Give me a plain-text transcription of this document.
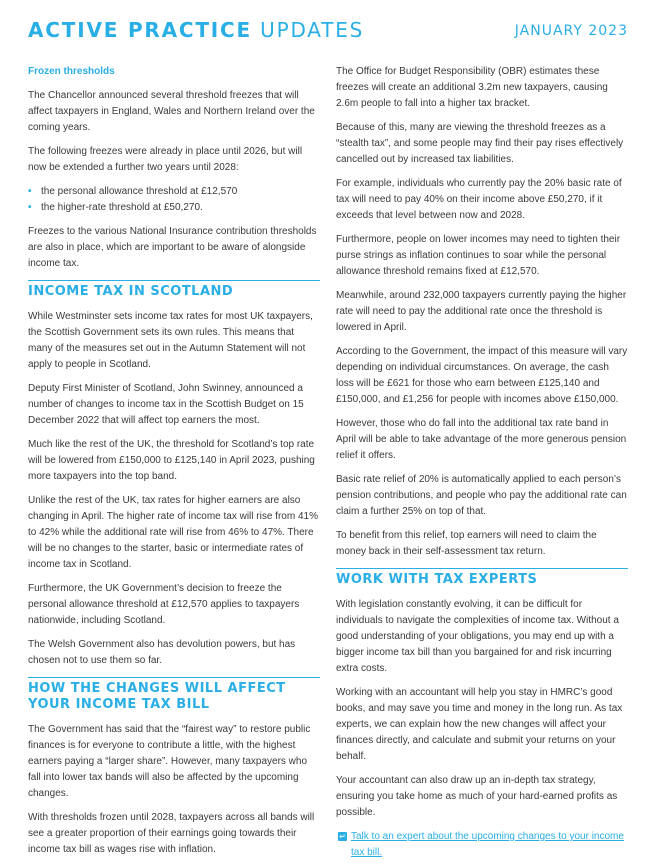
ACTIVE PRACTICE UPDATES	JANUARY 2023
Frozen thresholds

The Chancellor announced several threshold freezes that will affect taxpayers in England, Wales and Northern Ireland over the coming years.

The following freezes were already in place until 2026, but will now be extended a further two years until 2028:

• the personal allowance threshold at £12,570
• the higher-rate threshold at £50,270.

Freezes to the various National Insurance contribution thresholds are also in place, which are important to be aware of alongside income tax.

INCOME TAX IN SCOTLAND

While Westminster sets income tax rates for most UK taxpayers, the Scottish Government sets its own rules. This means that many of the measures set out in the Autumn Statement will not apply to people in Scotland.

Deputy First Minister of Scotland, John Swinney, announced a number of changes to income tax in the Scottish Budget on 15 December 2022 that will affect top earners the most.

Much like the rest of the UK, the threshold for Scotland’s top rate will be lowered from £150,000 to £125,140 in April 2023, pushing more taxpayers into the top band.

Unlike the rest of the UK, tax rates for higher earners are also changing in April. The higher rate of income tax will rise from 41% to 42% while the additional rate will rise from 46% to 47%. There will be no changes to the starter, basic or intermediate rates of income tax in Scotland.

Furthermore, the UK Government’s decision to freeze the personal allowance threshold at £12,570 applies to taxpayers nationwide, including Scotland.

The Welsh Government also has devolution powers, but has chosen not to use them so far.

HOW THE CHANGES WILL AFFECT YOUR INCOME TAX BILL

The Government has said that the “fairest way” to restore public finances is for everyone to contribute a little, with the highest earners paying a “larger share”. However, many taxpayers who fall into lower tax bands will also be affected by the upcoming changes.

With thresholds frozen until 2028, taxpayers across all bands will see a greater proportion of their earnings going towards their income tax bill as wages rise with inflation.

The Office for Budget Responsibility (OBR) estimates these freezes will create an additional 3.2m new taxpayers, causing 2.6m people to fall into a higher tax bracket.

Because of this, many are viewing the threshold freezes as a “stealth tax”, and some people may find their pay rises effectively cancelled out by increased tax liabilities.

For example, individuals who currently pay the 20% basic rate of tax will need to pay 40% on their income above £50,270, if it exceeds that level between now and 2028.

Furthermore, people on lower incomes may need to tighten their purse strings as inflation continues to soar while the personal allowance threshold remains fixed at £12,570.

Meanwhile, around 232,000 taxpayers currently paying the higher rate will need to pay the additional rate once the threshold is lowered in April.

According to the Government, the impact of this measure will vary depending on individual circumstances. On average, the cash loss will be £621 for those who earn between £125,140 and £150,000, and £1,256 for people with incomes above £150,000.

However, those who do fall into the additional tax rate band in April will be able to take advantage of the more generous pension relief it offers.

Basic rate relief of 20% is automatically applied to each person’s pension contributions, and people who pay the additional rate can claim a further 25% on top of that.

To benefit from this relief, top earners will need to claim the money back in their self-assessment tax return.

WORK WITH TAX EXPERTS

With legislation constantly evolving, it can be difficult for individuals to navigate the complexities of income tax. Without a good understanding of your obligations, you may end up with a bigger income tax bill than you bargained for and risk incurring extra costs.

Working with an accountant will help you stay in HMRC’s good books, and may save you time and money in the long run. As tax experts, we can explain how the new changes will affect your finances directly, and calculate and submit your returns on your behalf.

Your accountant can also draw up an in-depth tax strategy, ensuring you take home as much of your hard-earned profits as possible.

↵ Talk to an expert about the upcoming changes to your income tax bill.
